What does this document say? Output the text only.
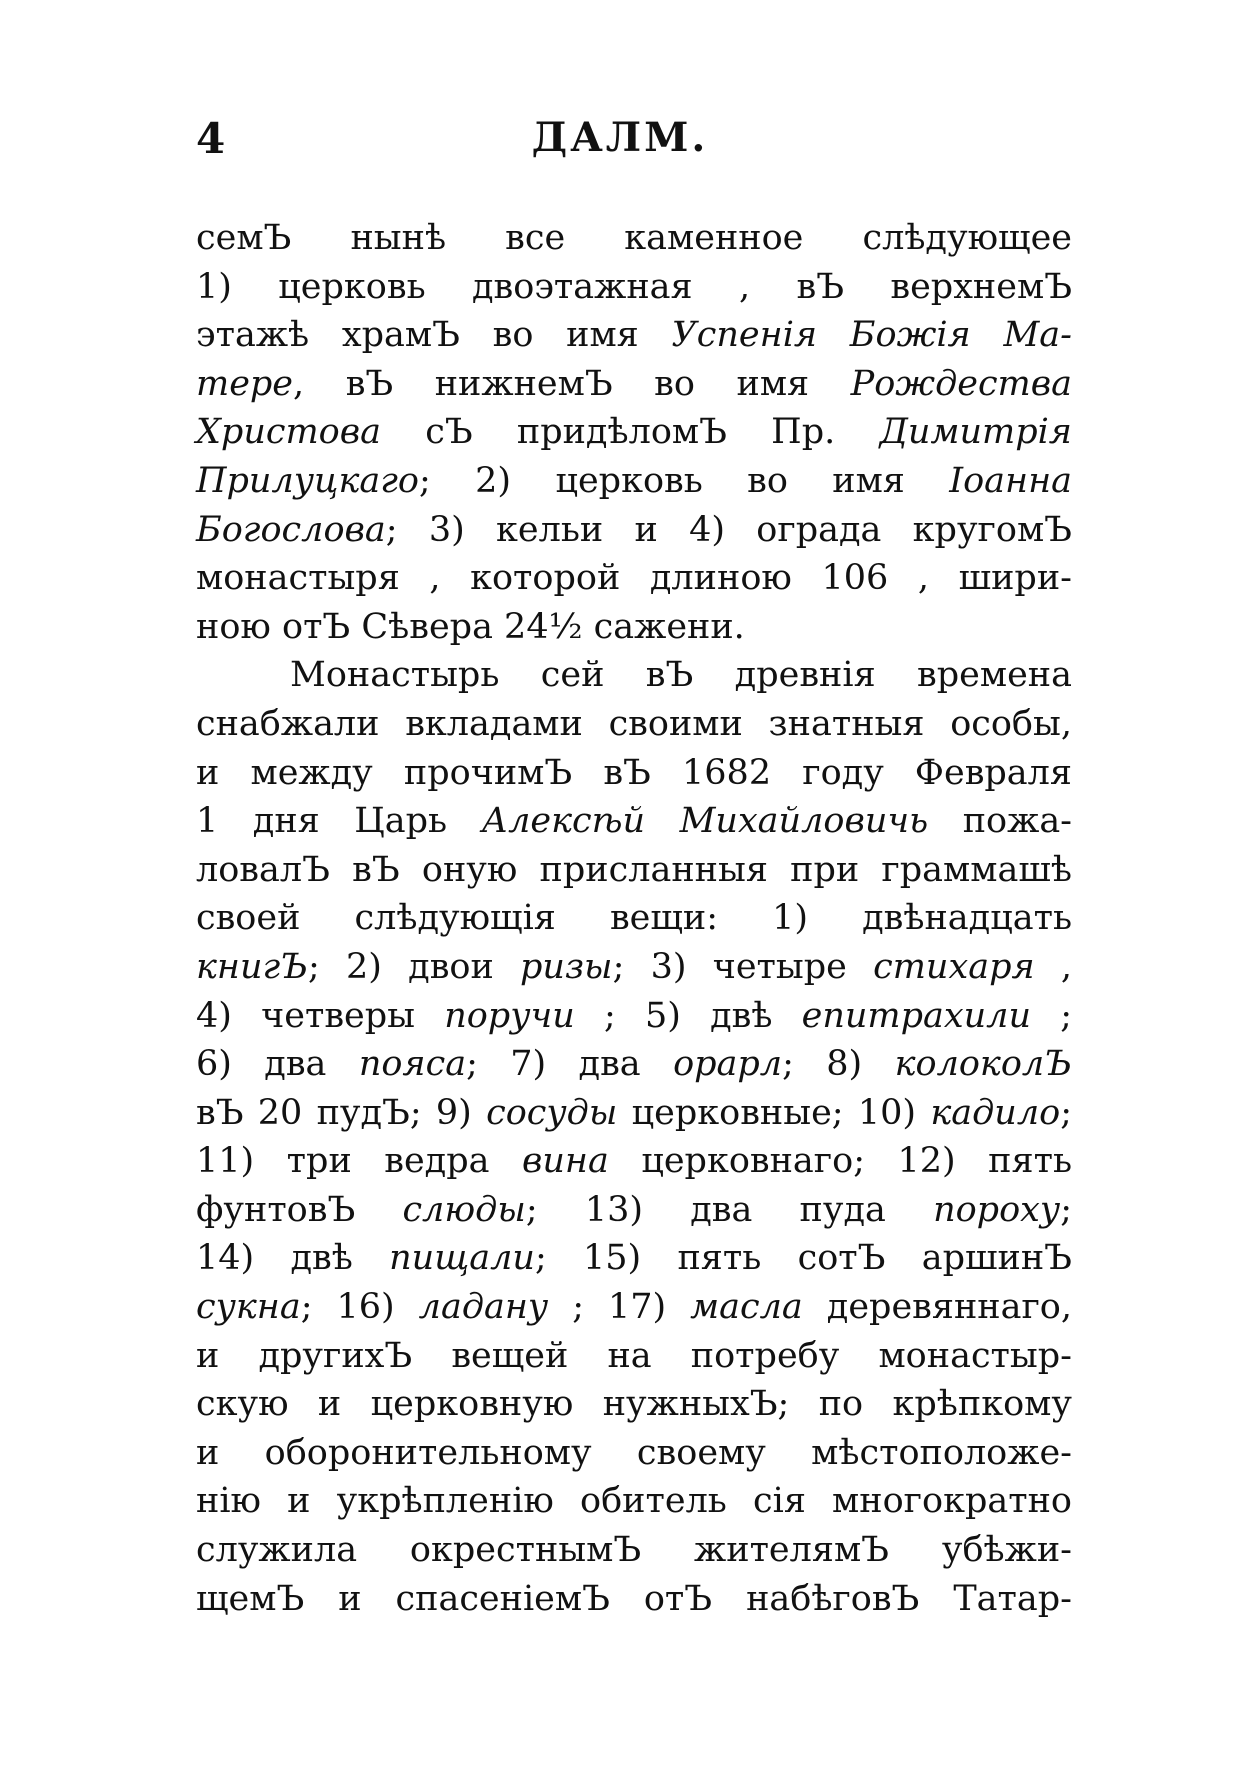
4	ДАЛМ.
семЪ нынѣ все каменное слѣдующее
1) церковь двоэтажная , вЪ верхнемЪ
этажѣ храмЪ во имя Успенія Божія Ма-
тере, вЪ нижнемЪ во имя Рождества
Христова сЪ придѣломЪ Пр. Димитрія
Прилуцкаго; 2) церковь во имя Іоанна
Богослова; 3) кельи и 4) ограда кругомЪ
монастыря , которой длиною 106 , шири-
ною отЪ Сѣвера 24½ сажени.
Монастырь сей вЪ древнія времена
снабжали вкладами своими знатныя особы,
и между прочимЪ вЪ 1682 году Февраля
1 дня Царь Алексѣй Михайловичь пожа-
ловалЪ вЪ оную присланныя при граммашѣ
своей слѣдующія вещи: 1) двѣнадцать
книгЪ; 2) двои ризы; 3) четыре стихаря ,
4) четверы поручи ; 5) двѣ епитрахили ;
6) два пояса; 7) два орарл; 8) колоколЪ
вЪ 20 пудЪ; 9) сосуды церковные; 10) кадило;
11) три ведра вина церковнаго; 12) пять
фунтовЪ слюды; 13) два пуда пороху;
14) двѣ пищали; 15) пять сотЪ аршинЪ
сукна; 16) ладану ; 17) масла деревяннаго,
и другихЪ вещей на потребу монастыр-
скую и церковную нужныхЪ; по крѣпкому
и оборонительному своему мѣстоположе-
нію и укрѣпленію обитель сія многократно
служила окрестнымЪ жителямЪ убѣжи-
щемЪ и спасеніемЪ отЪ набѣговЪ Татар-
